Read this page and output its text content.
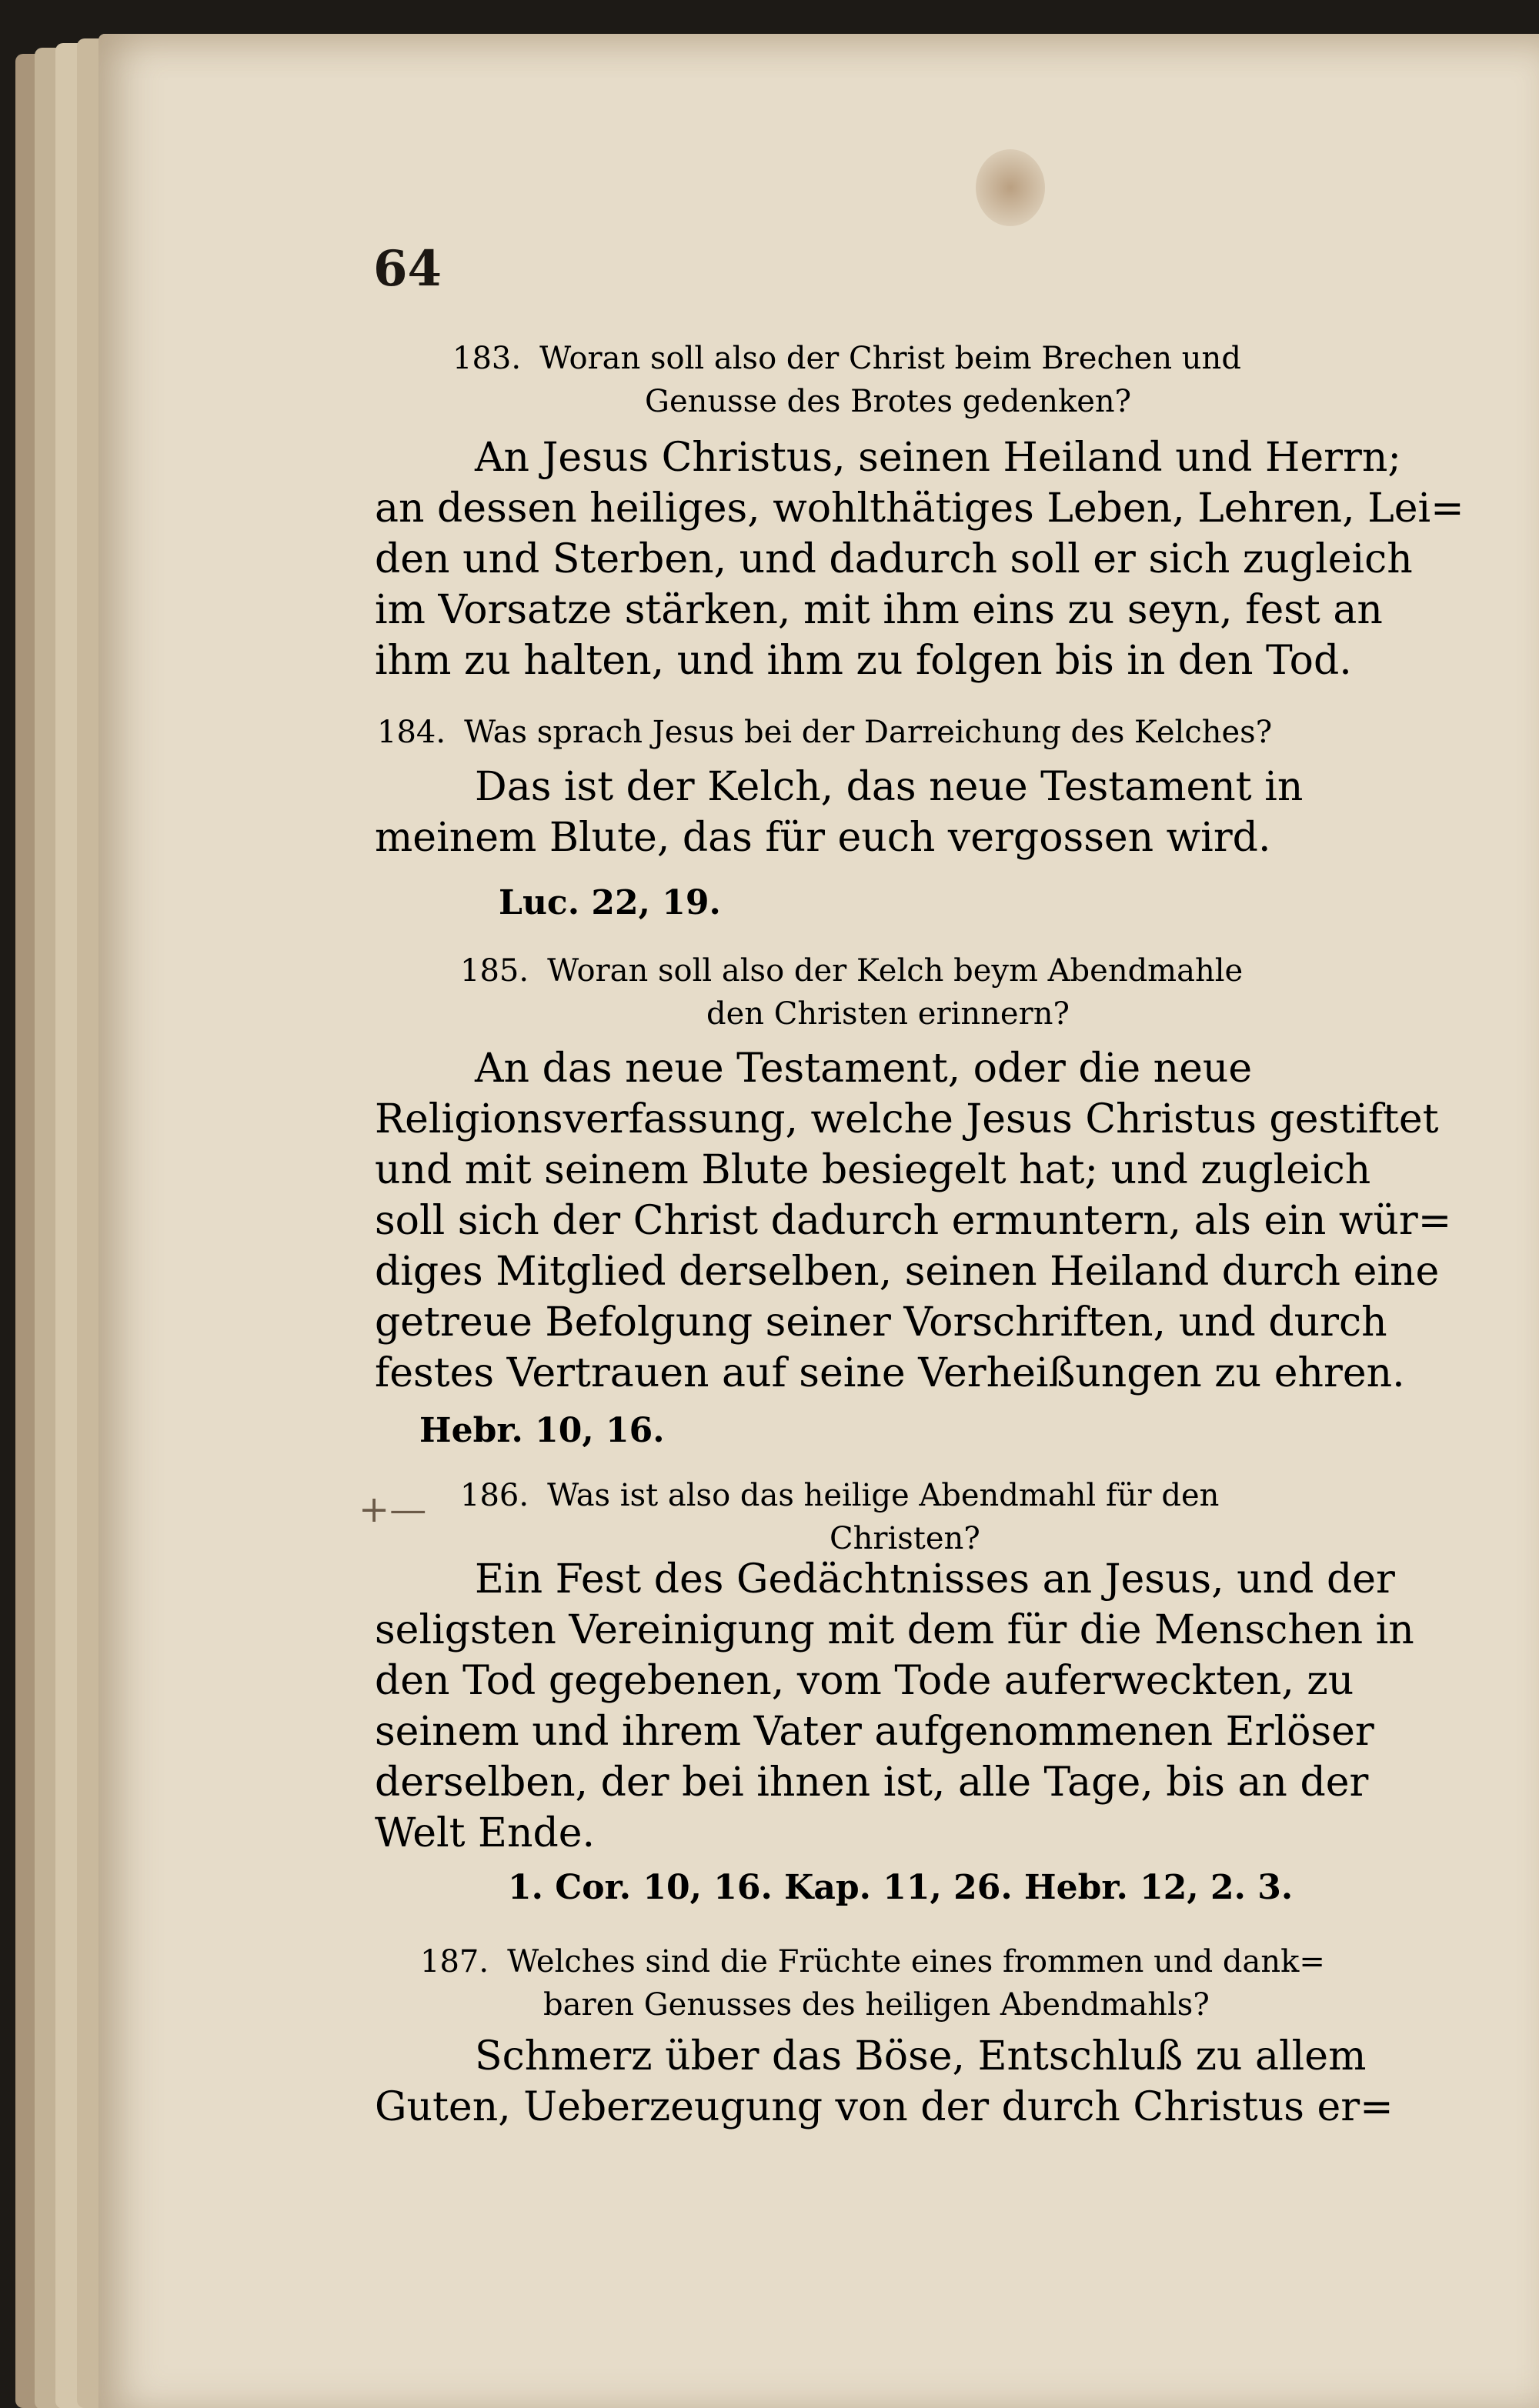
64
183. Woran soll also der Christ beim Brechen und
Genusse des Brotes gedenken?
An Jesus Christus, seinen Heiland und Herrn;
an dessen heiliges, wohlthätiges Leben, Lehren, Lei=
den und Sterben, und dadurch soll er sich zugleich
im Vorsatze stärken, mit ihm eins zu seyn, fest an
ihm zu halten, und ihm zu folgen bis in den Tod.
184. Was sprach Jesus bei der Darreichung des Kelches?
Das ist der Kelch, das neue Testament in
meinem Blute, das für euch vergossen wird.
Luc. 22, 19.
185. Woran soll also der Kelch beym Abendmahle
den Christen erinnern?
An das neue Testament, oder die neue
Religionsverfassung, welche Jesus Christus gestiftet
und mit seinem Blute besiegelt hat; und zugleich
soll sich der Christ dadurch ermuntern, als ein wür=
diges Mitglied derselben, seinen Heiland durch eine
getreue Befolgung seiner Vorschriften, und durch
festes Vertrauen auf seine Verheißungen zu ehren.
Hebr. 10, 16.
+— 186. Was ist also das heilige Abendmahl für den
Christen?
Ein Fest des Gedächtnisses an Jesus, und der
seligsten Vereinigung mit dem für die Menschen in
den Tod gegebenen, vom Tode auferweckten, zu
seinem und ihrem Vater aufgenommenen Erlöser
derselben, der bei ihnen ist, alle Tage, bis an der
Welt Ende.
1. Cor. 10, 16. Kap. 11, 26. Hebr. 12, 2. 3.
187. Welches sind die Früchte eines frommen und dank=
baren Genusses des heiligen Abendmahls?
Schmerz über das Böse, Entschluß zu allem
Guten, Ueberzeugung von der durch Christus er=
